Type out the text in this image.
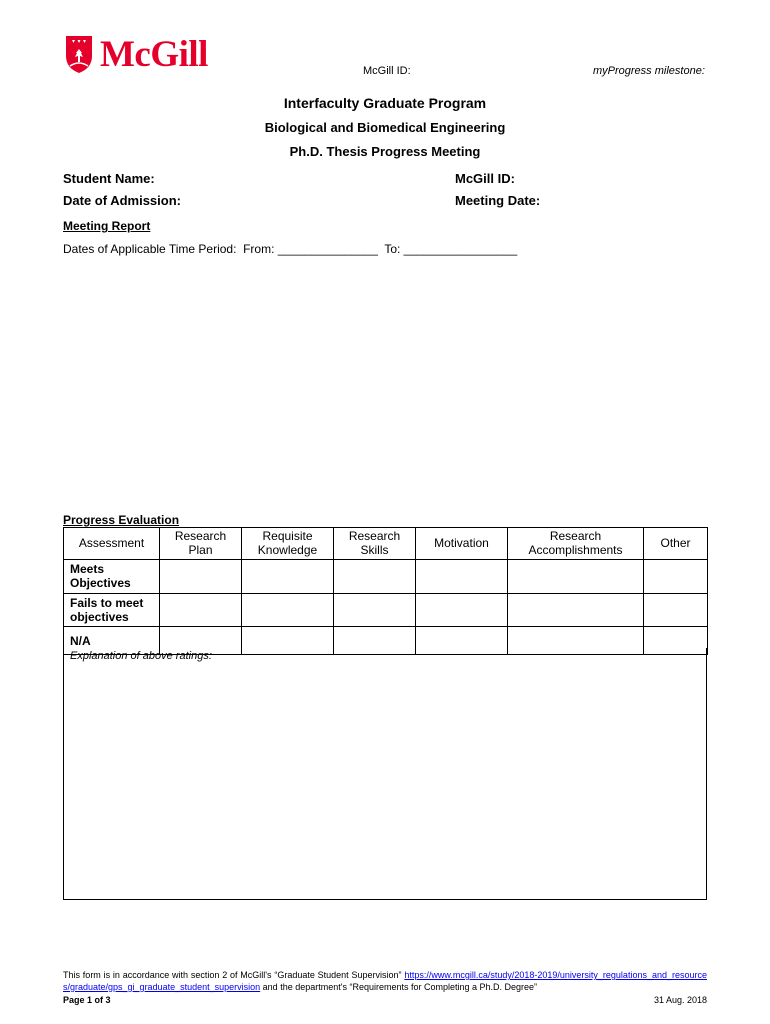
McGill	McGill ID:	myProgress milestone:
Interfaculty Graduate Program
Biological and Biomedical Engineering
Ph.D. Thesis Progress Meeting
Student Name:	McGill ID:
Date of Admission:	Meeting Date:
Meeting Report
Dates of Applicable Time Period:  From: _______________  To: _________________
Progress Evaluation
Assessment	Research Plan	Requisite Knowledge	Research Skills	Motivation	Research Accomplishments	Other
Meets Objectives						
Fails to meet objectives						
N/A						
Explanation of above ratings:
This form is in accordance with section 2 of McGill's “Graduate Student Supervision” https://www.mcgill.ca/study/2018-2019/university_regulations_and_resources/graduate/gps_gi_graduate_student_supervision and the department's “Requirements for Completing a Ph.D. Degree”
Page 1 of 3	31 Aug. 2018
